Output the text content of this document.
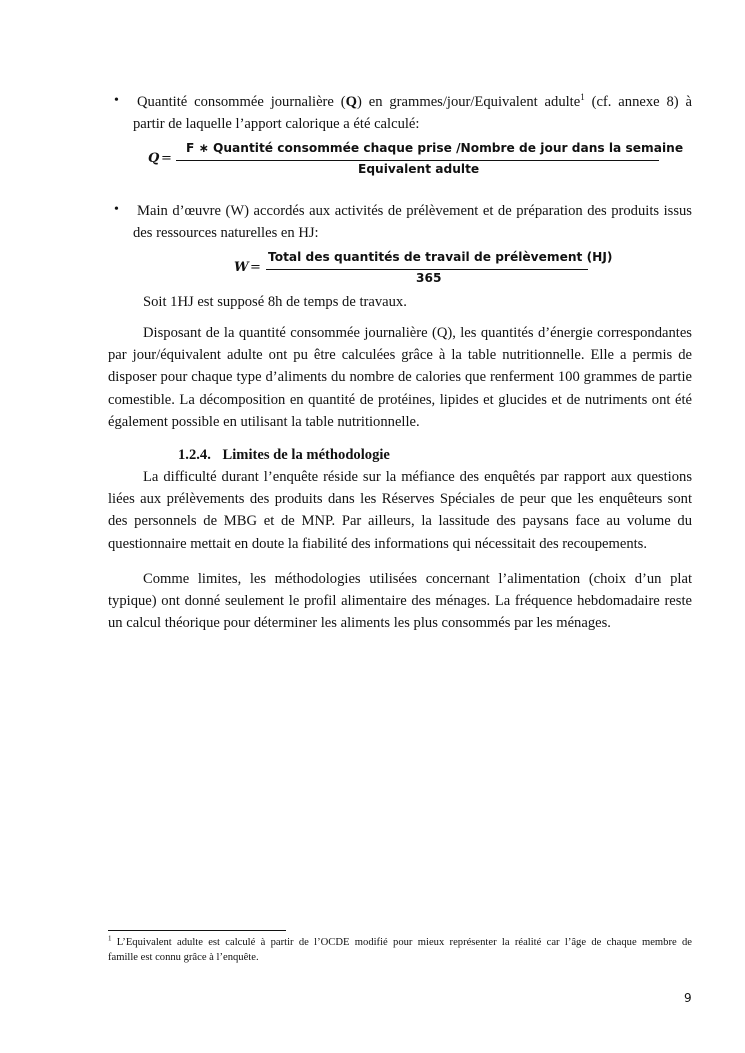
• Quantité consommée journalière (Q) en grammes/jour/Equivalent adulte$^1$ (cf. annexe 8) à
partir de laquelle l’apport calorique a été calculé:
Q =
F ∗ Quantité consommée chaque prise /Nombre de jour dans la semaine
Equivalent adulte
• Main d’œuvre (W) accordés aux activités de prélèvement et de préparation des produits issus
des ressources naturelles en HJ:
W =
Total des quantités de travail de prélèvement (HJ)
365
Soit 1HJ est supposé 8h de temps de travaux.
Disposant de la quantité consommée journalière (Q), les quantités d’énergie correspondantes
par jour/équivalent adulte ont pu être calculées grâce à la table nutritionnelle. Elle a permis de
disposer pour chaque type d’aliments du nombre de calories que renferment 100 grammes de partie
comestible. La décomposition en quantité de protéines, lipides et glucides et de nutriments ont été
également possible en utilisant la table nutritionnelle.
1.2.4. Limites de la méthodologie
La difficulté durant l’enquête réside sur la méfiance des enquêtés par rapport aux questions
liées aux prélèvements des produits dans les Réserves Spéciales de peur que les enquêteurs sont
des personnels de MBG et de MNP. Par ailleurs, la lassitude des paysans face au volume du
questionnaire mettait en doute la fiabilité des informations qui nécessitait des recoupements.
Comme limites, les méthodologies utilisées concernant l’alimentation (choix d’un plat
typique) ont donné seulement le profil alimentaire des ménages. La fréquence hebdomadaire reste
un calcul théorique pour déterminer les aliments les plus consommés par les ménages.
$^1$ L’Equivalent adulte est calculé à partir de l’OCDE modifié pour mieux représenter la réalité car l’âge de chaque membre de
famille est connu grâce à l’enquête.
9
